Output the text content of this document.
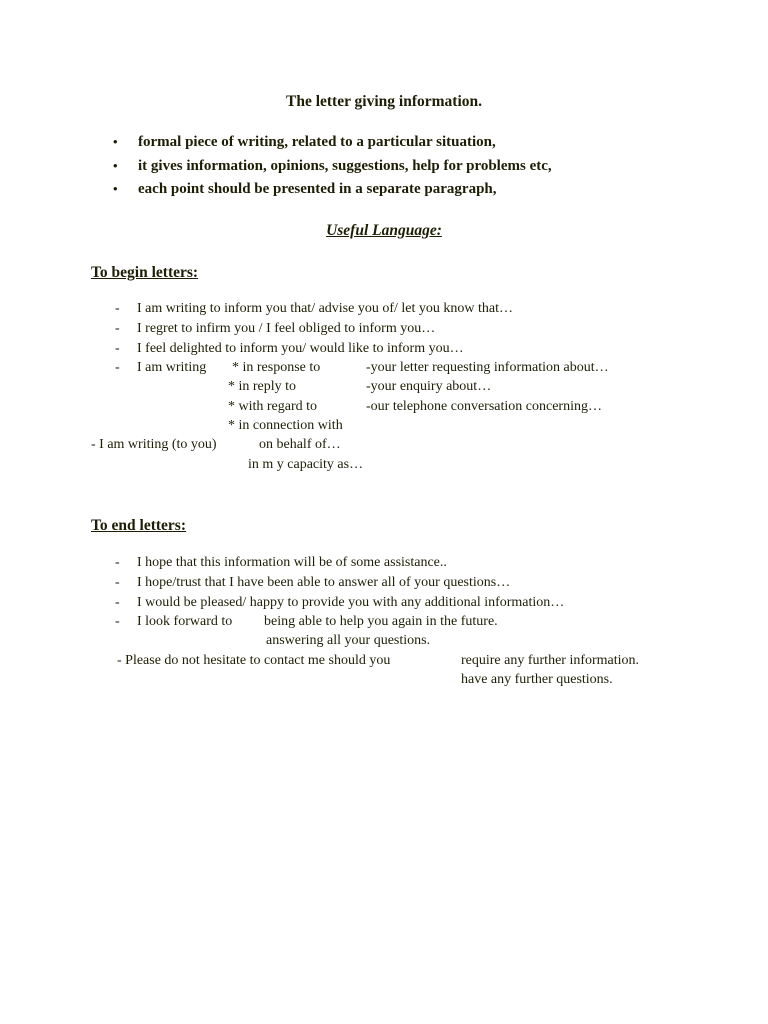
The letter giving information.
• formal piece of writing, related to a particular situation,
• it gives information, opinions, suggestions, help for problems etc,
• each point should be presented in a separate paragraph,
Useful Language:
To begin letters:
- I am writing to inform you that/ advise you of/ let you know that…
- I regret to infirm you / I feel obliged to inform you…
- I feel delighted to inform you/ would like to inform you…
- I am writing * in response to
* in reply to
* with regard to
* in connection with
-your letter requesting information about…
-your enquiry about…
-our telephone conversation concerning…
- I am writing (to you)	on behalf of…
in m y capacity as…
To end letters:
- I hope that this information will be of some assistance..
- I hope/trust that I have been able to answer all of your questions…
- I would be pleased/ happy to provide you with any additional information…
- I look forward to being able to help you again in the future.
answering all your questions.
- Please do not hesitate to contact me should you	require any further information.
have any further questions.
